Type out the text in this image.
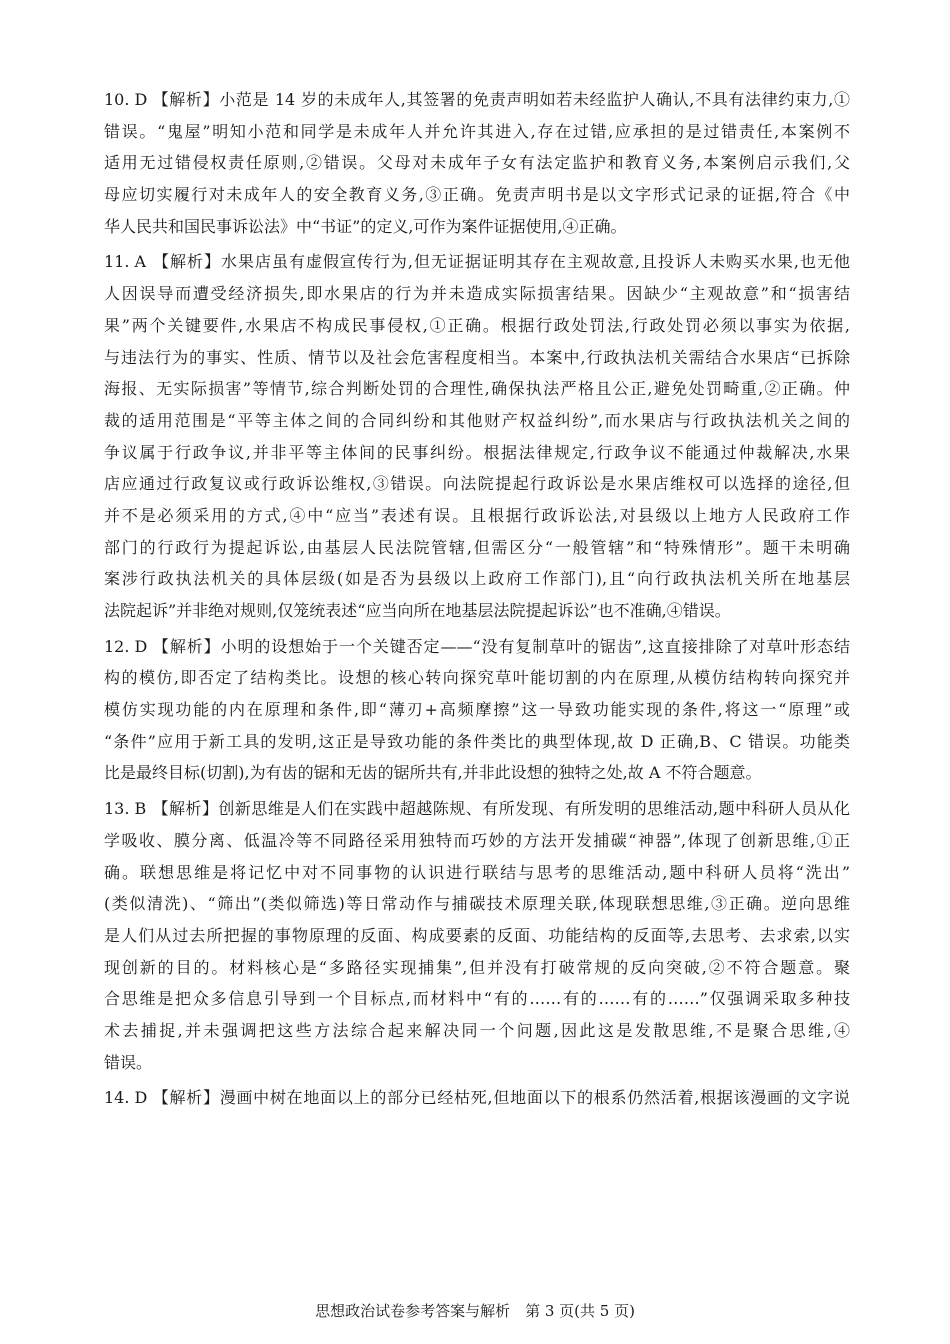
10. D 【解析】小范是 14 岁的未成年人,其签署的免责声明如若未经监护人确认,不具有法律约束力,①
错误。“鬼屋”明知小范和同学是未成年人并允许其进入,存在过错,应承担的是过错责任,本案例不
适用无过错侵权责任原则,②错误。父母对未成年子女有法定监护和教育义务,本案例启示我们,父
母应切实履行对未成年人的安全教育义务,③正确。免责声明书是以文字形式记录的证据,符合《中
华人民共和国民事诉讼法》中“书证”的定义,可作为案件证据使用,④正确。
11. A 【解析】水果店虽有虚假宣传行为,但无证据证明其存在主观故意,且投诉人未购买水果,也无他
人因误导而遭受经济损失,即水果店的行为并未造成实际损害结果。因缺少“主观故意”和“损害结
果”两个关键要件,水果店不构成民事侵权,①正确。根据行政处罚法,行政处罚必须以事实为依据,
与违法行为的事实、性质、情节以及社会危害程度相当。本案中,行政执法机关需结合水果店“已拆除
海报、无实际损害”等情节,综合判断处罚的合理性,确保执法严格且公正,避免处罚畸重,②正确。仲
裁的适用范围是“平等主体之间的合同纠纷和其他财产权益纠纷”,而水果店与行政执法机关之间的
争议属于行政争议,并非平等主体间的民事纠纷。根据法律规定,行政争议不能通过仲裁解决,水果
店应通过行政复议或行政诉讼维权,③错误。向法院提起行政诉讼是水果店维权可以选择的途径,但
并不是必须采用的方式,④中“应当”表述有误。且根据行政诉讼法,对县级以上地方人民政府工作
部门的行政行为提起诉讼,由基层人民法院管辖,但需区分“一般管辖”和“特殊情形”。题干未明确
案涉行政执法机关的具体层级(如是否为县级以上政府工作部门),且“向行政执法机关所在地基层
法院起诉”并非绝对规则,仅笼统表述“应当向所在地基层法院提起诉讼”也不准确,④错误。
12. D 【解析】小明的设想始于一个关键否定——“没有复制草叶的锯齿”,这直接排除了对草叶形态结
构的模仿,即否定了结构类比。设想的核心转向探究草叶能切割的内在原理,从模仿结构转向探究并
模仿实现功能的内在原理和条件,即“薄刃+高频摩擦”这一导致功能实现的条件,将这一“原理”或
“条件”应用于新工具的发明,这正是导致功能的条件类比的典型体现,故 D 正确,B、C 错误。功能类
比是最终目标(切割),为有齿的锯和无齿的锯所共有,并非此设想的独特之处,故 A 不符合题意。
13. B 【解析】创新思维是人们在实践中超越陈规、有所发现、有所发明的思维活动,题中科研人员从化
学吸收、膜分离、低温冷等不同路径采用独特而巧妙的方法开发捕碳“神器”,体现了创新思维,①正
确。联想思维是将记忆中对不同事物的认识进行联结与思考的思维活动,题中科研人员将“洗出”
(类似清洗)、“筛出”(类似筛选)等日常动作与捕碳技术原理关联,体现联想思维,③正确。逆向思维
是人们从过去所把握的事物原理的反面、构成要素的反面、功能结构的反面等,去思考、去求索,以实
现创新的目的。材料核心是“多路径实现捕集”,但并没有打破常规的反向突破,②不符合题意。聚
合思维是把众多信息引导到一个目标点,而材料中“有的……有的……有的……”仅强调采取多种技
术去捕捉,并未强调把这些方法综合起来解决同一个问题,因此这是发散思维,不是聚合思维,④
错误。
14. D 【解析】漫画中树在地面以上的部分已经枯死,但地面以下的根系仍然活着,根据该漫画的文字说
思想政治试卷参考答案与解析　第 3 页(共 5 页)
